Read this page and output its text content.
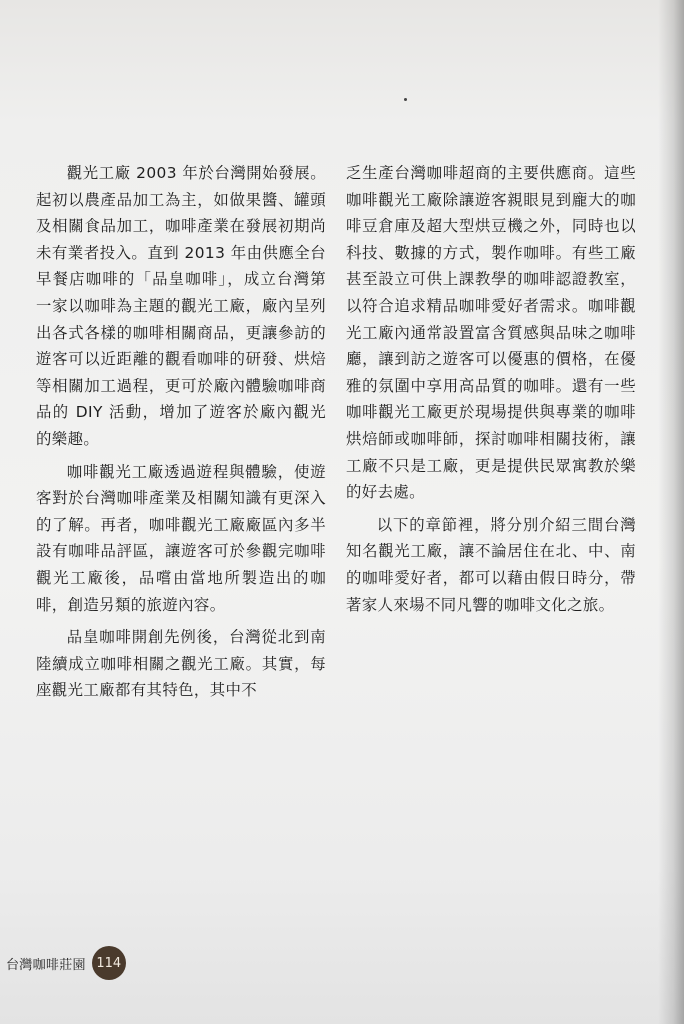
觀光工廠 2003 年於台灣開始發展。起初以農產品加工為主，如做果醬、罐頭及相關食品加工，咖啡產業在發展初期尚未有業者投入。直到 2013 年由供應全台早餐店咖啡的「品皇咖啡」，成立台灣第一家以咖啡為主題的觀光工廠，廠內呈列出各式各樣的咖啡相關商品，更讓參訪的遊客可以近距離的觀看咖啡的研發、烘焙等相關加工過程，更可於廠內體驗咖啡商品的 DIY 活動，增加了遊客於廠內觀光的樂趣。

咖啡觀光工廠透過遊程與體驗，使遊客對於台灣咖啡產業及相關知識有更深入的了解。再者，咖啡觀光工廠廠區內多半設有咖啡品評區，讓遊客可於參觀完咖啡觀光工廠後，品嚐由當地所製造出的咖啡，創造另類的旅遊內容。

品皇咖啡開創先例後，台灣從北到南陸續成立咖啡相關之觀光工廠。其實，每座觀光工廠都有其特色，其中不

乏生產台灣咖啡超商的主要供應商。這些咖啡觀光工廠除讓遊客親眼見到龐大的咖啡豆倉庫及超大型烘豆機之外，同時也以科技、數據的方式，製作咖啡。有些工廠甚至設立可供上課教學的咖啡認證教室，以符合追求精品咖啡愛好者需求。咖啡觀光工廠內通常設置富含質感與品味之咖啡廳，讓到訪之遊客可以優惠的價格，在優雅的氛圍中享用高品質的咖啡。還有一些咖啡觀光工廠更於現場提供與專業的咖啡烘焙師或咖啡師，探討咖啡相關技術，讓工廠不只是工廠，更是提供民眾寓教於樂的好去處。

以下的章節裡，將分別介紹三間台灣知名觀光工廠，讓不論居住在北、中、南的咖啡愛好者，都可以藉由假日時分，帶著家人來場不同凡響的咖啡文化之旅。

台灣咖啡莊園 114
